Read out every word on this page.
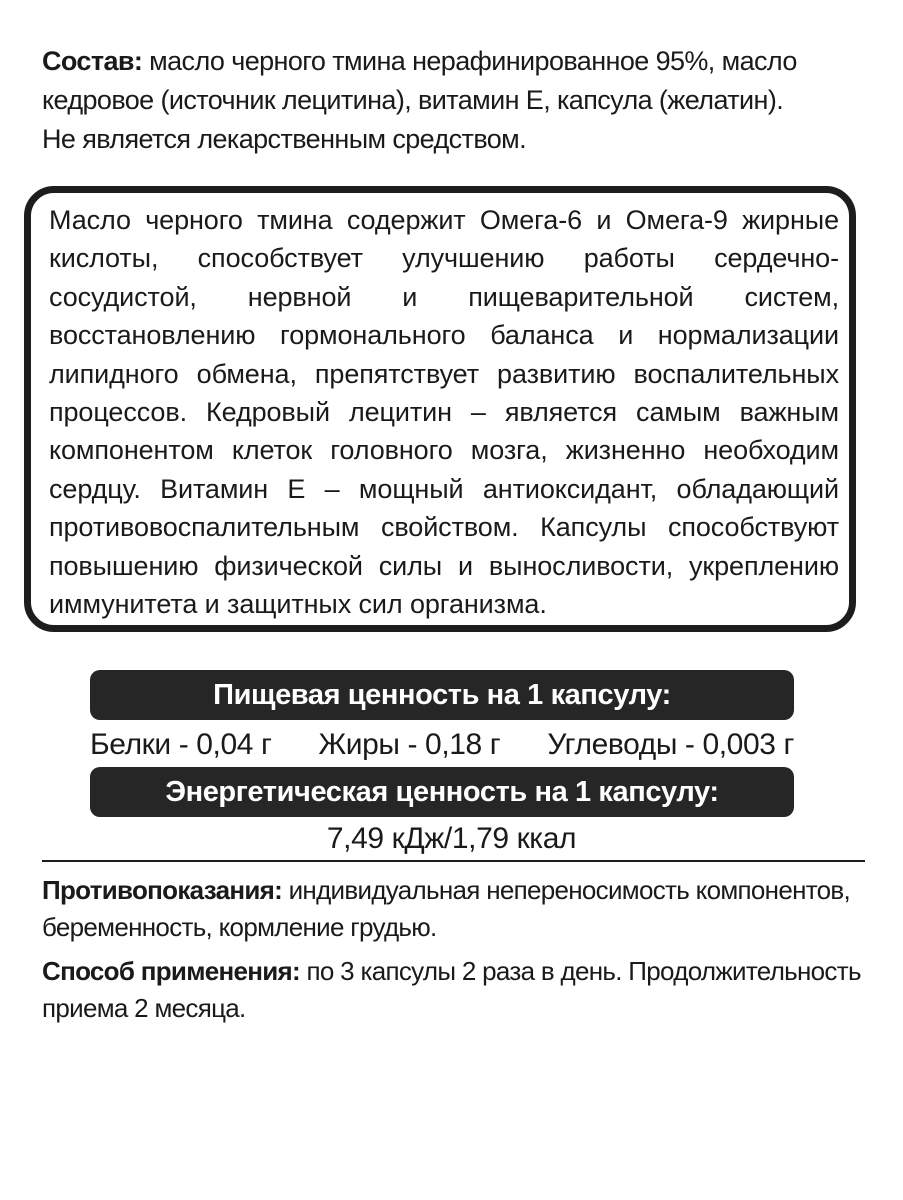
Состав: масло черного тмина нерафинированное 95%, масло кедровое (источник лецитина), витамин Е, капсула (желатин).

Не является лекарственным средством.

Масло черного тмина содержит Омега-6 и Омега-9 жирные кислоты, способствует улучшению работы сердечно-сосудистой, нервной и пищеварительной систем, восстановлению гормонального баланса и нормализации липидного обмена, препятствует развитию воспалительных процессов. Кедровый лецитин – является самым важным компонентом клеток головного мозга, жизненно необходим сердцу. Витамин Е – мощный антиоксидант, обладающий противовоспалительным свойством. Капсулы способствуют повышению физической силы и выносливости, укреплению иммунитета и защитных сил организма.
Пищевая ценность на 1 капсулу:
Белки - 0,04 г Жиры - 0,18 г Углеводы - 0,003 г
Энергетическая ценность на 1 капсулу:
7,49 кДж/1,79 ккал

Противопоказания: индивидуальная непереносимость компонентов, беременность, кормление грудью.

Способ применения: по 3 капсулы 2 раза в день. Продолжительность приема 2 месяца.
